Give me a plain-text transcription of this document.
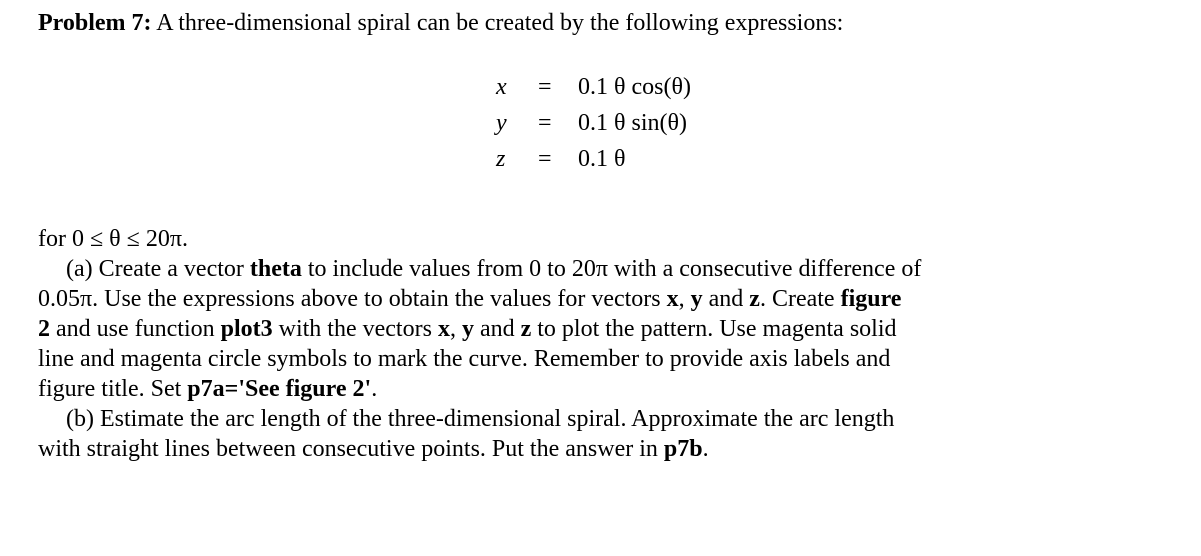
Problem 7: A three-dimensional spiral can be created by the following expressions:
x = 0.1 θ cos(θ)
y = 0.1 θ sin(θ)
z = 0.1 θ
for 0 ≤ θ ≤ 20π.
(a) Create a vector theta to include values from 0 to 20π with a consecutive difference of
0.05π. Use the expressions above to obtain the values for vectors x, y and z. Create figure
2 and use function plot3 with the vectors x, y and z to plot the pattern. Use magenta solid
line and magenta circle symbols to mark the curve. Remember to provide axis labels and
figure title. Set p7a='See figure 2'.
(b) Estimate the arc length of the three-dimensional spiral. Approximate the arc length
with straight lines between consecutive points. Put the answer in p7b.
